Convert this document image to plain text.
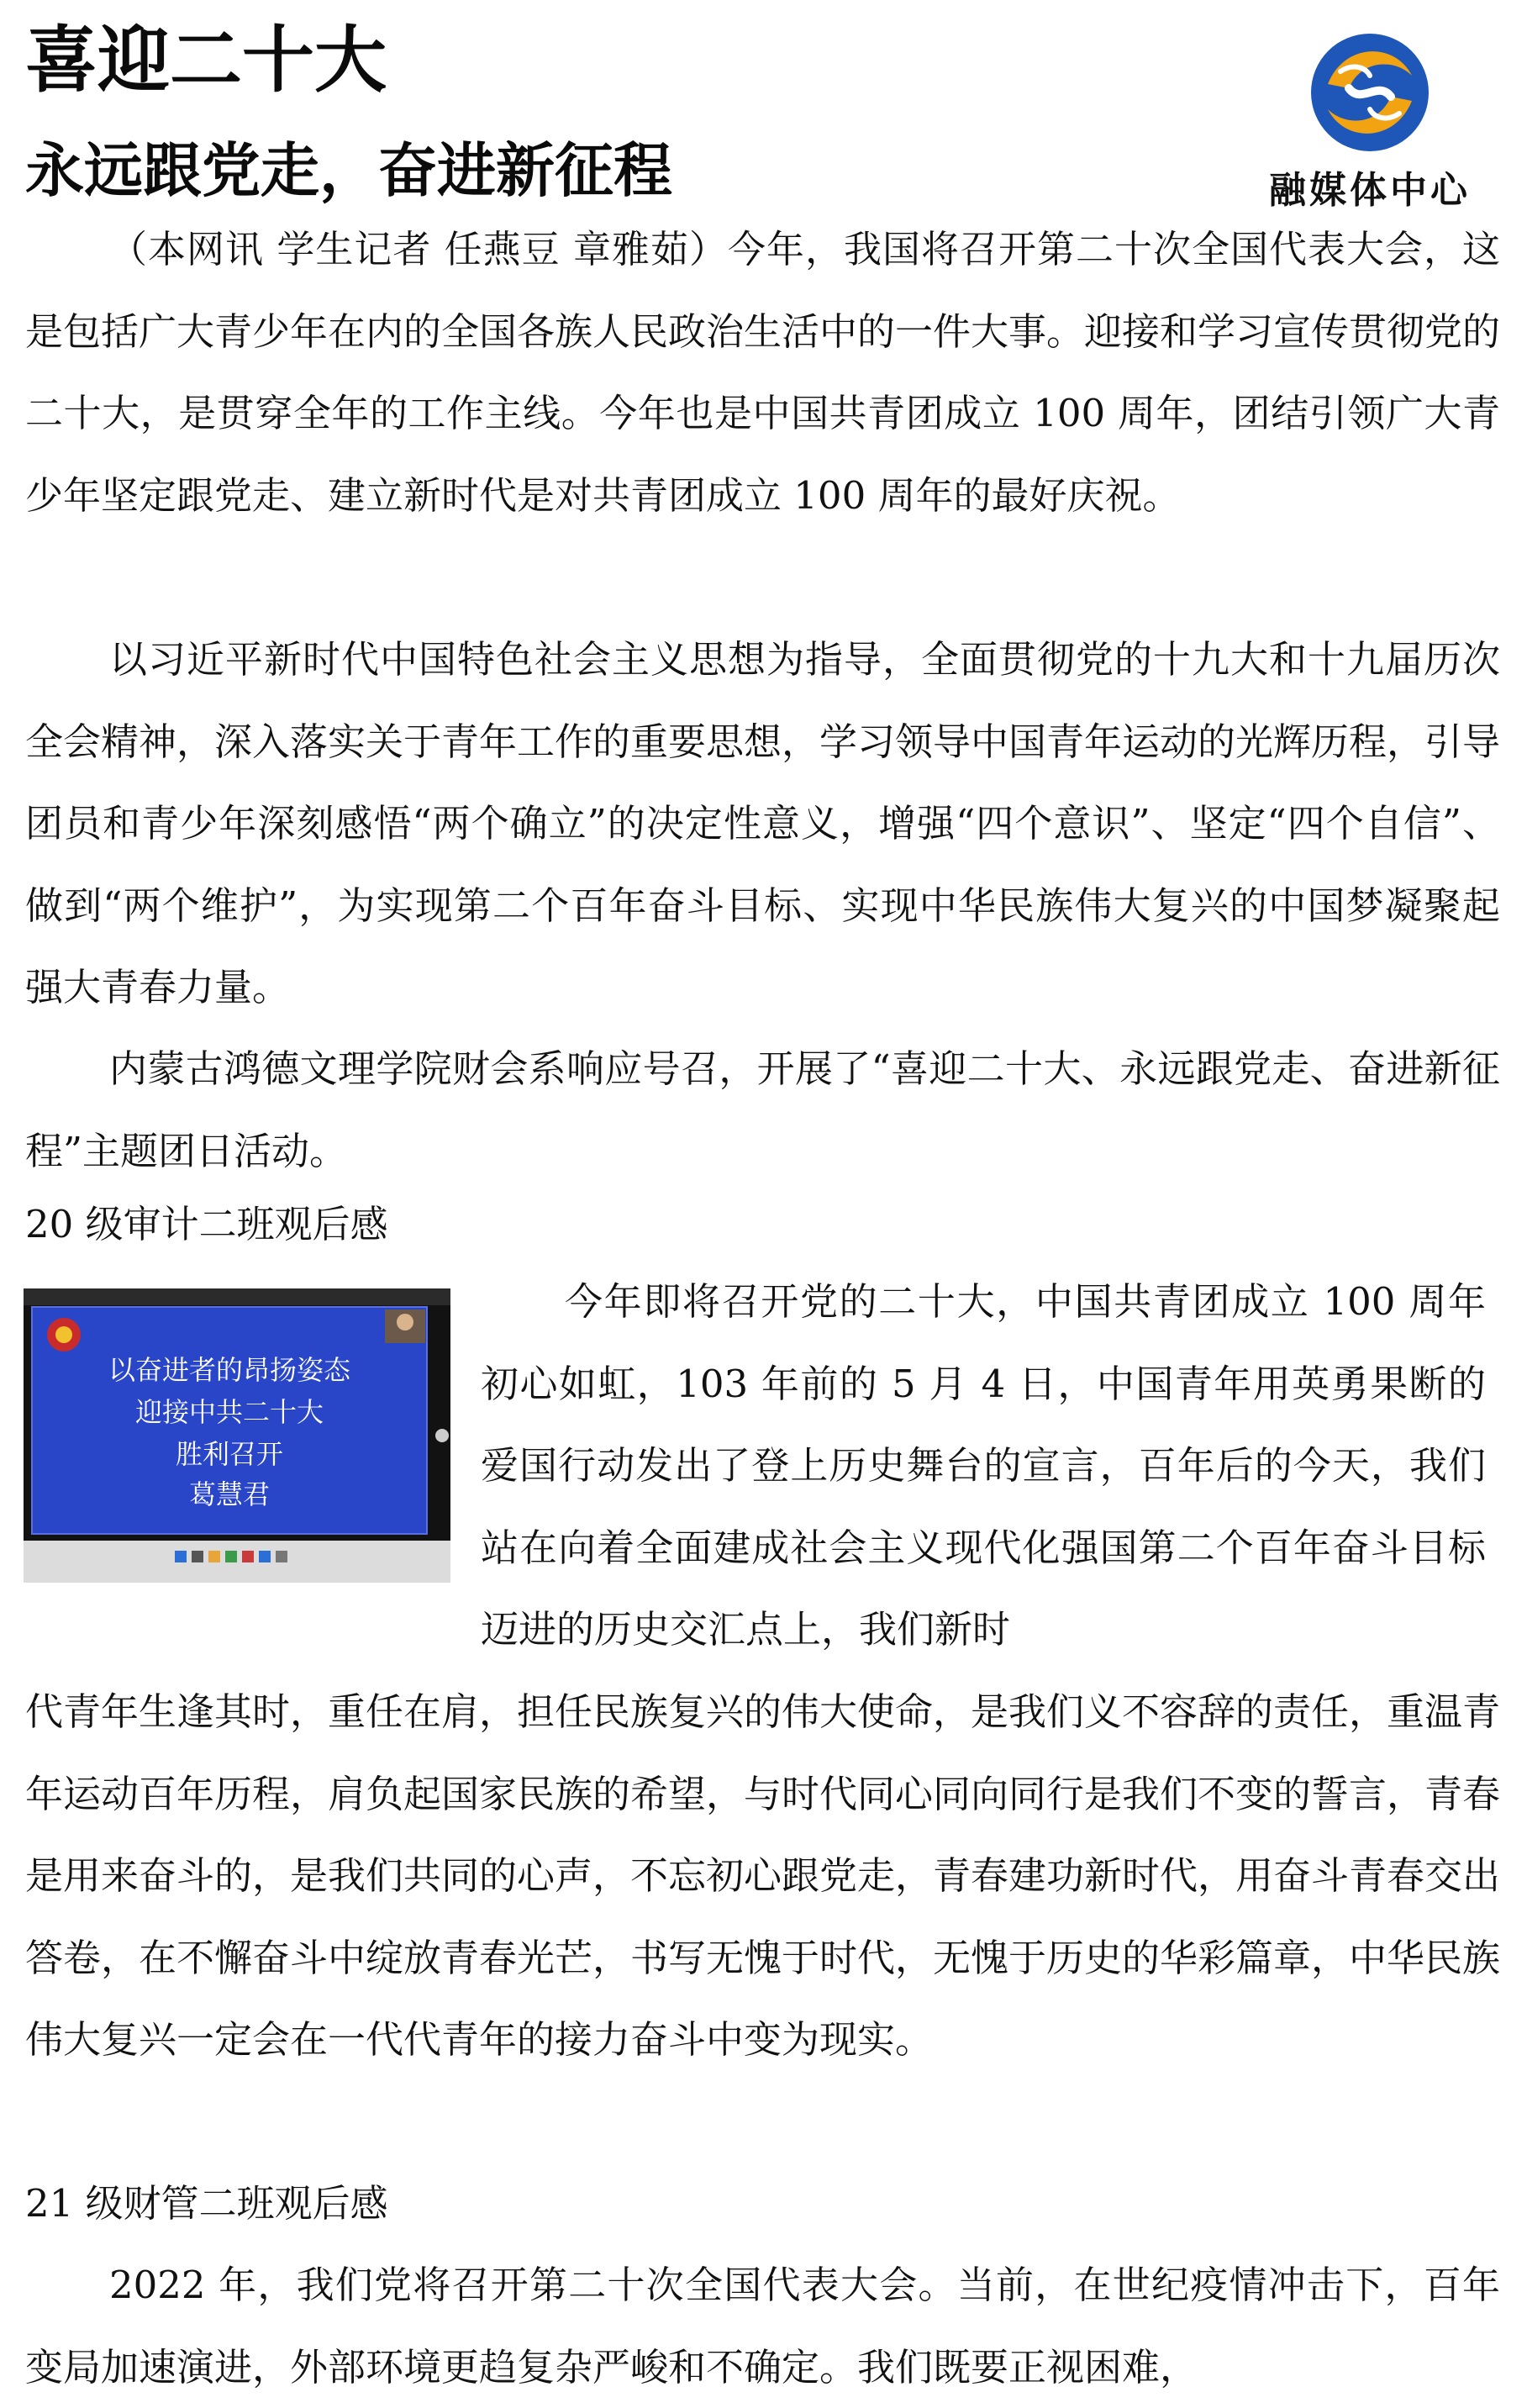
喜迎二十大
永远跟党走，奋进新征程	融媒体中心

（本网讯 学生记者 任燕豆 章雅茹）今年，我国将召开第二十次全国代表大会，这是包括广大青少年在内的全国各族人民政治生活中的一件大事。迎接和学习宣传贯彻党的二十大，是贯穿全年的工作主线。今年也是中国共青团成立 100 周年，团结引领广大青少年坚定跟党走、建立新时代是对共青团成立 100 周年的最好庆祝。

以习近平新时代中国特色社会主义思想为指导，全面贯彻党的十九大和十九届历次全会精神，深入落实关于青年工作的重要思想，学习领导中国青年运动的光辉历程，引导团员和青少年深刻感悟“两个确立”的决定性意义，增强“四个意识”、坚定“四个自信”、做到“两个维护”，为实现第二个百年奋斗目标、实现中华民族伟大复兴的中国梦凝聚起强大青春力量。

内蒙古鸿德文理学院财会系响应号召，开展了“喜迎二十大、永远跟党走、奋进新征程”主题团日活动。

20 级审计二班观后感

以奋进者的昂扬姿态
迎接中共二十大
胜利召开
葛慧君

今年即将召开党的二十大，中国共青团成立 100 周年初心如虹，103 年前的 5 月 4 日，中国青年用英勇果断的爱国行动发出了登上历史舞台的宣言，百年后的今天，我们站在向着全面建成社会主义现代化强国第二个百年奋斗目标迈进的历史交汇点上，我们新时

代青年生逢其时，重任在肩，担任民族复兴的伟大使命，是我们义不容辞的责任，重温青年运动百年历程，肩负起国家民族的希望，与时代同心同向同行是我们不变的誓言，青春是用来奋斗的，是我们共同的心声，不忘初心跟党走，青春建功新时代，用奋斗青春交出答卷，在不懈奋斗中绽放青春光芒，书写无愧于时代，无愧于历史的华彩篇章，中华民族伟大复兴一定会在一代代青年的接力奋斗中变为现实。

21 级财管二班观后感

2022 年，我们党将召开第二十次全国代表大会。当前，在世纪疫情冲击下，百年变局加速演进，外部环境更趋复杂严峻和不确定。我们既要正视困难，
